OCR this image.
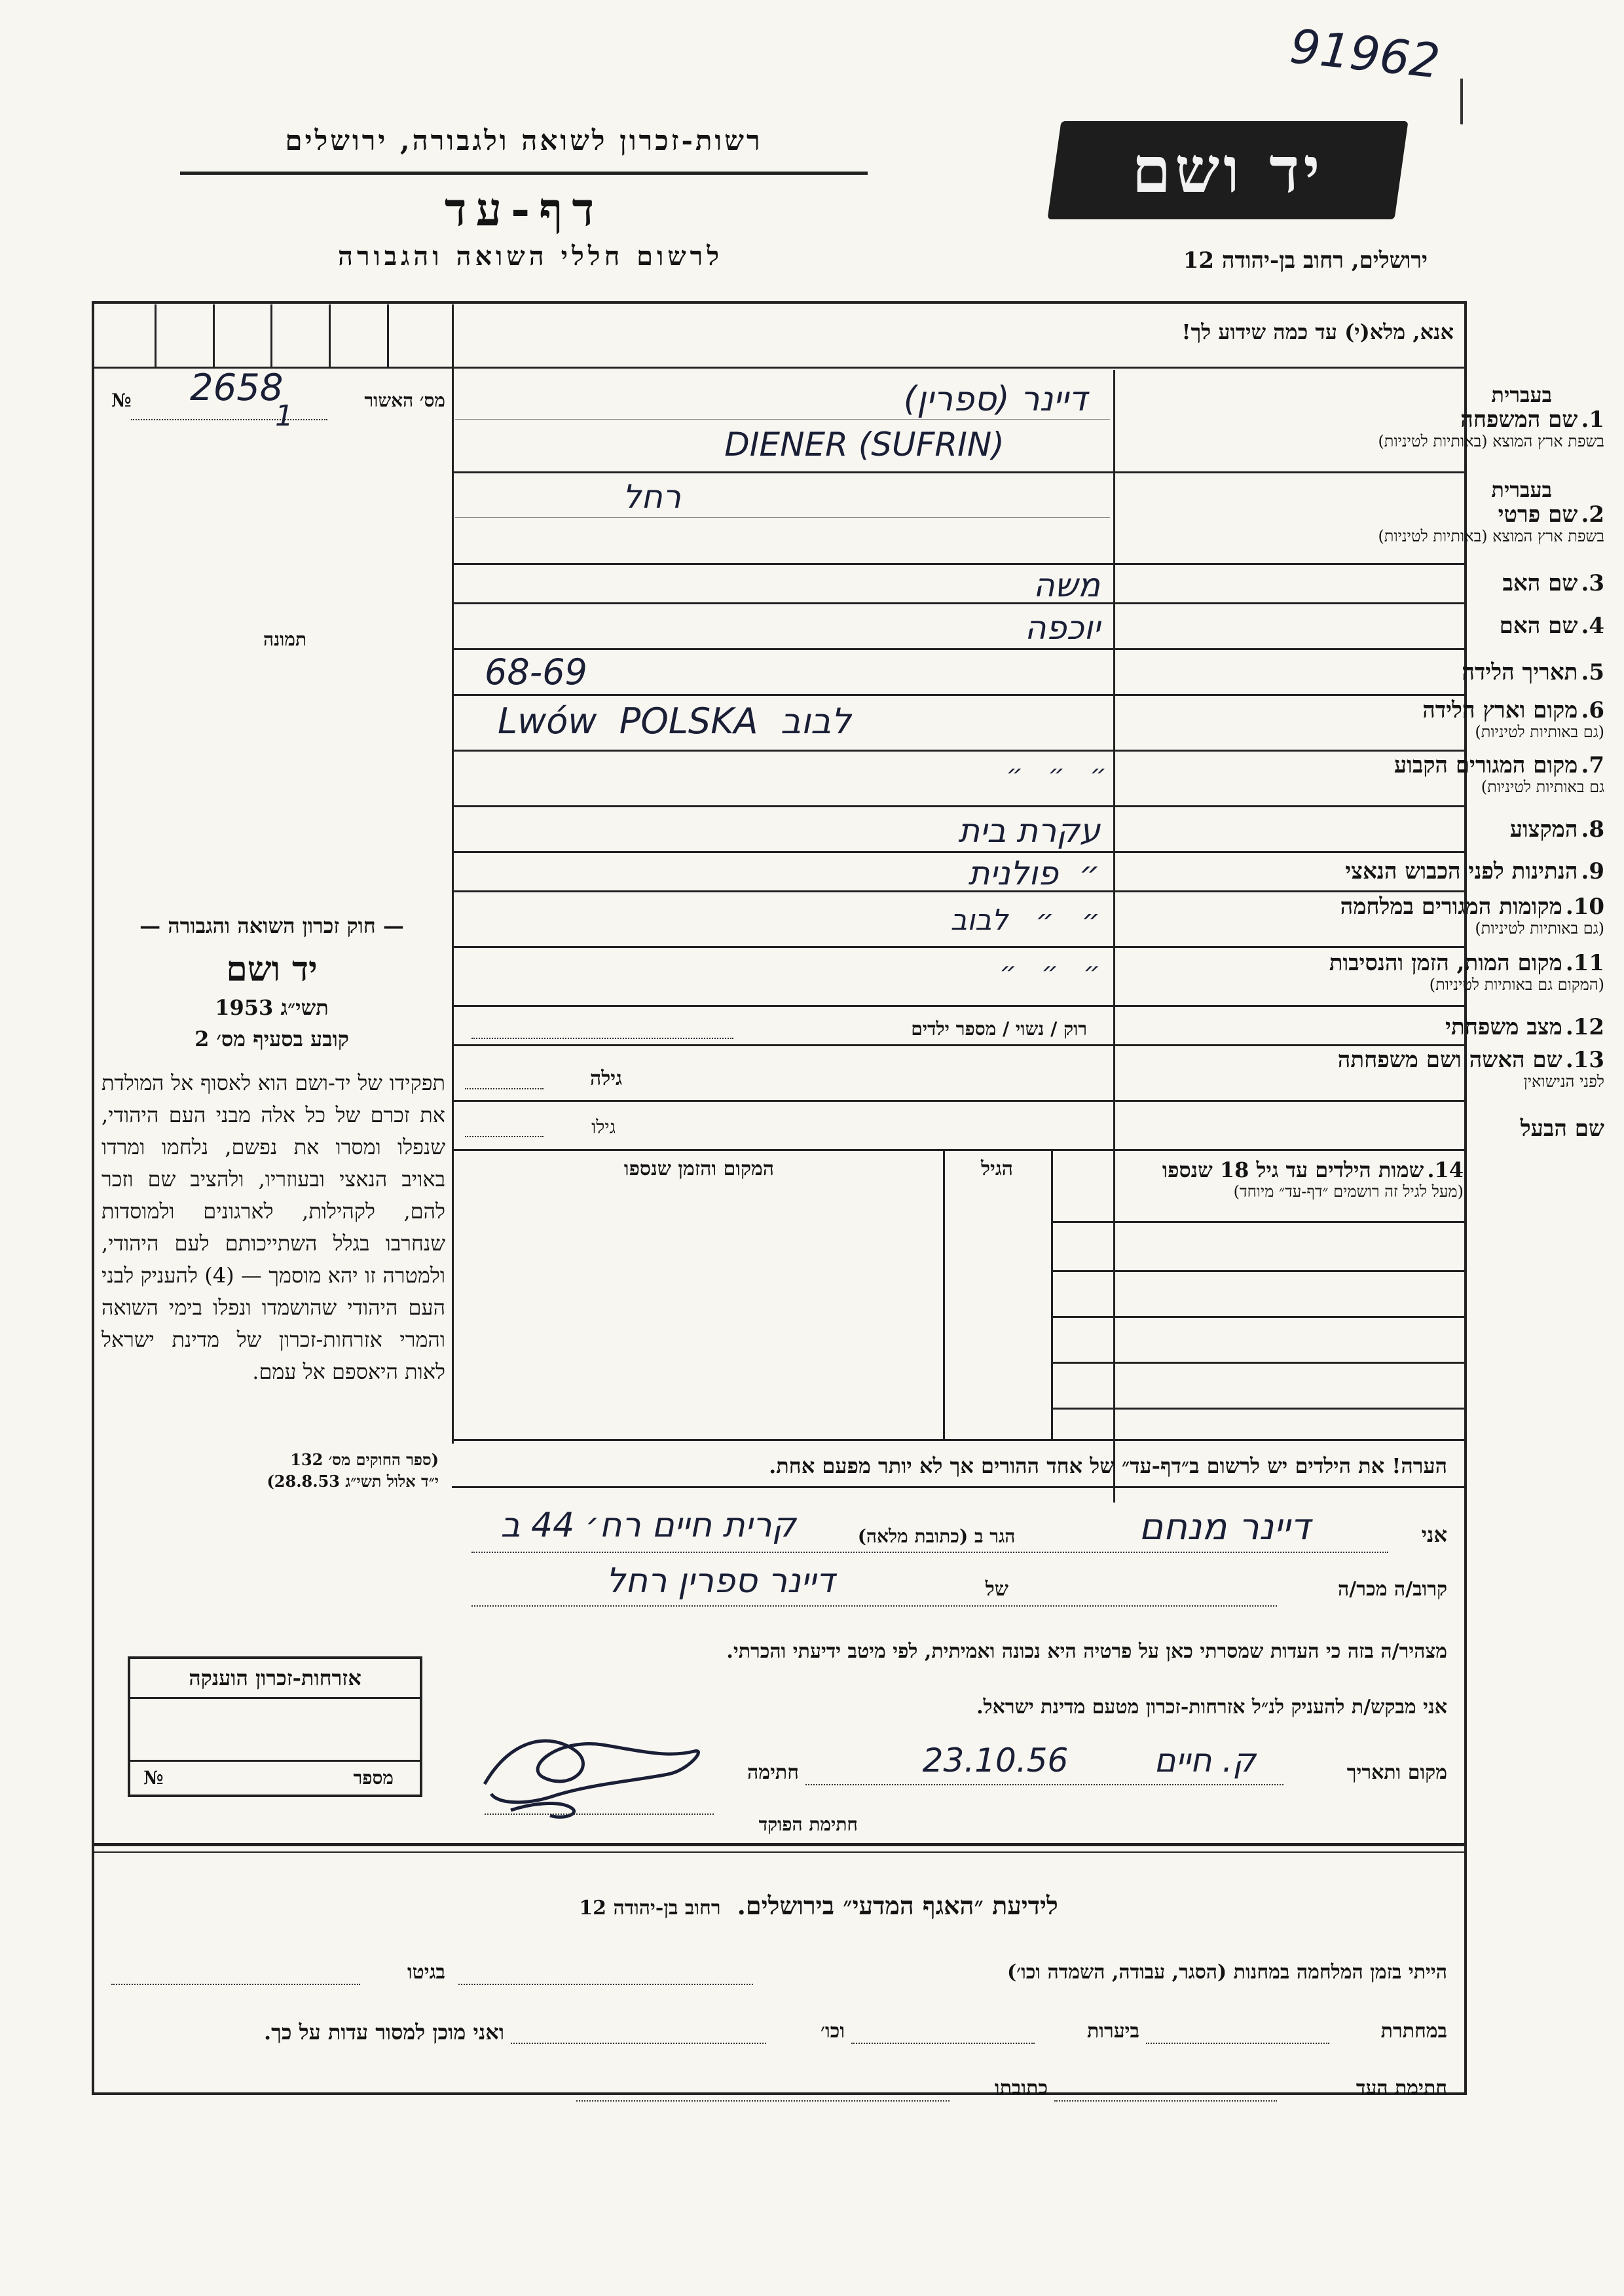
91962
רשות-זכרון לשואה ולגבורה, ירושלים
דף-עד
לרשום חללי השואה והגבורה
יד ושם
ירושלים, רחוב בן-יהודה 12
אנא, מלא(י) עד כמה שידוע לך!
מס׳ האשור
№ 2658
1
תמונה
— חוק זכרון השואה והגבורה —
יד ושם
תשי״ג 1953
קובע בסעיף מס׳ 2
תפקידו של יד-ושם הוא לאסוף אל המולדת את זכרם של כל אלה מבני העם היהודי, שנפלו ומסרו את נפשם, נלחמו ומרדו באויב הנאצי ובעוזריו, ולהציב שם וזכר להם, לקהילות, לארגונים ולמוסדות שנחרבו בגלל השתייכותם לעם היהודי, ולמטרה זו יהא מוסמך — (4) להעניק לבני העם היהודי שהושמדו ונפלו בימי השואה והמרי אזרחות-זכרון של מדינת ישראל לאות היאספם אל עמם.
(ספר החוקים מס׳ 132
י״ד אלול תשי״ג 28.8.53)
בעברית
1. שם המשפחה
בשפת ארץ המוצא (באותיות לטיניות)
בעברית
2. שם פרטי
בשפת ארץ המוצא (באותיות לטיניות)
3. שם האב
4. שם האם
5. תאריך הלידה
6. מקום וארץ הלידה
(גם באותיות לטיניות)
7. מקום המגורים הקבוע
גם באותיות לטיניות)
8. המקצוע
9. הנתינות לפני הכבוש הנאצי
10. מקומות המגורים במלחמה
(גם באותיות לטיניות)
11. מקום המות, הזמן והנסיבות
(המקום גם באותיות לטיניות)
12. מצב משפחתי
13. שם האשה ושם משפחתה
לפני הנישואין
שם הבעל
דיינר (ספרין)
DIENER (SUFRIN)
רחל
משה
יוכפה
68-69
Lwów  POLSKA  לבוב
״   ״   ״
עקרת בית
״  פולנית
״   ״   לבוב
״   ״   ״
רוק / נשוי / מספר ילדים
גילה
גילו
14. שמות הילדים עד גיל 18 שנספו
(מעל לגיל זה רושמים ״דף-עד״ מיוחד)
הגיל
המקום והזמן שנספו
הערה! את הילדים יש לרשום ב״דף-עד״ של אחד ההורים אך לא יותר מפעם אחת.
אני
דיינר מנחם
הגר ב (כתובת מלאה)
קרית חיים רח׳ 44 ב
קרוב/ה מכר/ה
של
דיינר ספרין רחל
מצהיר/ה בזה כי העדות שמסרתי כאן על פרטיה היא נכונה ואמיתית, לפי מיטב ידיעתי והכרתי.
אני מבקש/ת להעניק לנ״ל אזרחות-זכרון מטעם מדינת ישראל.
מקום ותאריך
ק. חיים
23.10.56
חתימה
חתימת הפוקד
אזרחות-זכרון הוענקה
מספר
№
לידיעת ״האגף המדעי״ בירושלים. רחוב בן-יהודה 12
הייתי בזמן המלחמה במחנות (הסגר, עבודה, השמדה וכו׳)
בגיטו
במחתרת
ביערות
וכו׳
ואני מוכן למסור עדות על כך.
חתימת העד
כתובתו
